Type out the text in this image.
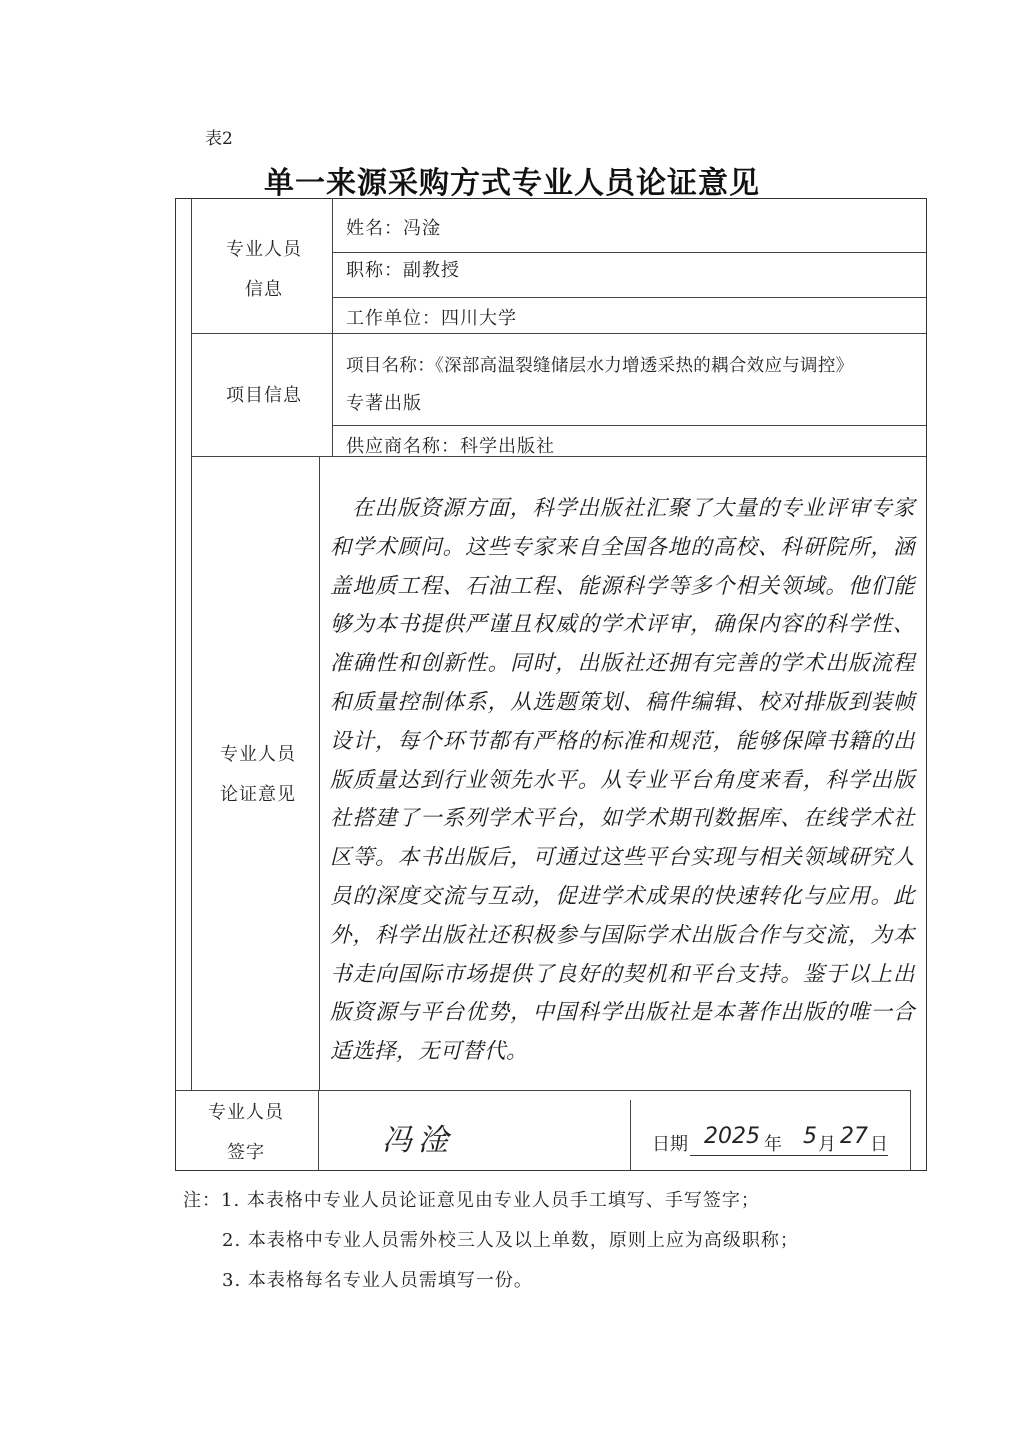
表2
单一来源采购方式专业人员论证意见
专业人员
信息
姓名：冯淦
职称：副教授
工作单位：四川大学
项目信息
项目名称：《深部高温裂缝储层水力增透采热的耦合效应与调控》
专著出版
供应商名称：科学出版社
专业人员
论证意见
在出版资源方面，科学出版社汇聚了大量的专业评审专家和学术顾问。这些专家来自全国各地的高校、科研院所，涵盖地质工程、石油工程、能源科学等多个相关领域。他们能够为本书提供严谨且权威的学术评审，确保内容的科学性、准确性和创新性。同时，出版社还拥有完善的学术出版流程和质量控制体系，从选题策划、稿件编辑、校对排版到装帧设计，每个环节都有严格的标准和规范，能够保障书籍的出版质量达到行业领先水平。从专业平台角度来看，科学出版社搭建了一系列学术平台，如学术期刊数据库、在线学术社区等。本书出版后，可通过这些平台实现与相关领域研究人员的深度交流与互动，促进学术成果的快速转化与应用。此外，科学出版社还积极参与国际学术出版合作与交流，为本书走向国际市场提供了良好的契机和平台支持。鉴于以上出版资源与平台优势，中国科学出版社是本著作出版的唯一合适选择，无可替代。
专业人员
签字	冯淦	日期 2025 年 5 月 27 日
注：1. 本表格中专业人员论证意见由专业人员手工填写、手写签字；
2. 本表格中专业人员需外校三人及以上单数，原则上应为高级职称；
3. 本表格每名专业人员需填写一份。
